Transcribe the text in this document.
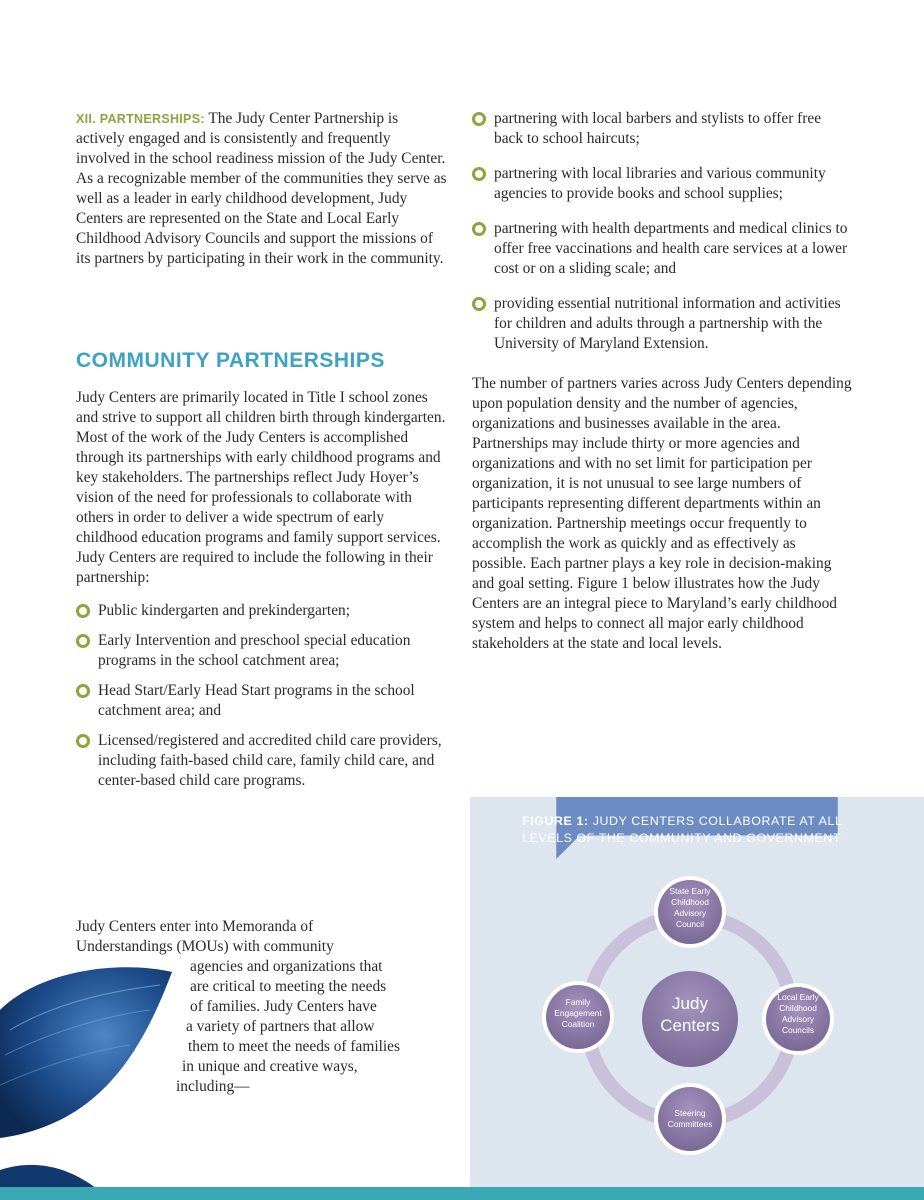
XII. PARTNERSHIPS: The Judy Center Partnership is actively engaged and is consistently and frequently involved in the school readiness mission of the Judy Center. As a recognizable member of the communities they serve as well as a leader in early childhood development, Judy Centers are represented on the State and Local Early Childhood Advisory Councils and support the missions of its partners by participating in their work in the community.

COMMUNITY PARTNERSHIPS

Judy Centers are primarily located in Title I school zones and strive to support all children birth through kindergarten. Most of the work of the Judy Centers is accomplished through its partnerships with early childhood programs and key stakeholders. The partnerships reflect Judy Hoyer’s vision of the need for professionals to collaborate with others in order to deliver a wide spectrum of early childhood education programs and family support services. Judy Centers are required to include the following in their partnership:

Public kindergarten and prekindergarten;
Early Intervention and preschool special education programs in the school catchment area;
Head Start/Early Head Start programs in the school catchment area; and
Licensed/registered and accredited child care providers, including faith-based child care, family child care, and center-based child care programs.

Judy Centers enter into Memoranda of

Understandings (MOUs) with community

agencies and organizations that

are critical to meeting the needs

of families. Judy Centers have

a variety of partners that allow

them to meet the needs of families

in unique and creative ways,

including—

partnering with local barbers and stylists to offer free back to school haircuts;
partnering with local libraries and various community agencies to provide books and school supplies;
partnering with health departments and medical clinics to offer free vaccinations and health care services at a lower cost or on a sliding scale; and
providing essential nutritional information and activities for children and adults through a partnership with the University of Maryland Extension.

The number of partners varies across Judy Centers depending upon population density and the number of agencies, organizations and businesses available in the area. Partnerships may include thirty or more agencies and organizations and with no set limit for participation per organization, it is not unusual to see large numbers of participants representing different departments within an organization. Partnership meetings occur frequently to accomplish the work as quickly and as effectively as possible. Each partner plays a key role in decision-making and goal setting. Figure 1 below illustrates how the Judy Centers are an integral piece to Maryland’s early childhood system and helps to connect all major early childhood stakeholders at the state and local levels.

FIGURE 1: JUDY CENTERS COLLABORATE AT ALL
LEVELS OF THE COMMUNITY AND GOVERNMENT
Judy
Centers
State Early
Childhood
Advisory
Council
Local Early
Childhood
Advisory
Councils
Steering
Committees
Family
Engagement
Coalition
